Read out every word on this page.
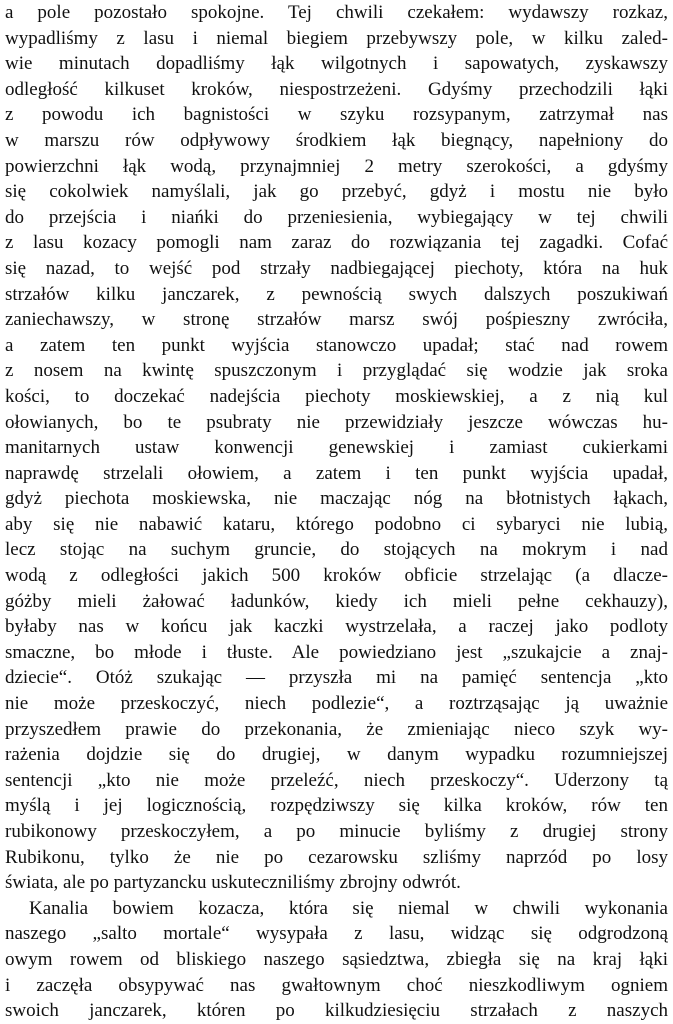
a pole pozostało spokojne. Tej chwili czekałem: wydawszy rozkaz,
wypadliśmy z lasu i niemal biegiem przebywszy pole, w kilku zaled-
wie minutach dopadliśmy łąk wilgotnych i sapowatych, zyskawszy
odległość kilkuset kroków, niespostrzeżeni. Gdyśmy przechodzili łąki
z powodu ich bagnistości w szyku rozsypanym, zatrzymał nas
w marszu rów odpływowy środkiem łąk biegnący, napełniony do
powierzchni łąk wodą, przynajmniej 2 metry szerokości, a gdyśmy
się cokolwiek namyślali, jak go przebyć, gdyż i mostu nie było
do przejścia i niańki do przeniesienia, wybiegający w tej chwili
z lasu kozacy pomogli nam zaraz do rozwiązania tej zagadki. Cofać
się nazad, to wejść pod strzały nadbiegającej piechoty, która na huk
strzałów kilku janczarek, z pewnością swych dalszych poszukiwań
zaniechawszy, w stronę strzałów marsz swój pośpieszny zwróciła,
a zatem ten punkt wyjścia stanowczo upadał; stać nad rowem
z nosem na kwintę spuszczonym i przyglądać się wodzie jak sroka
kości, to doczekać nadejścia piechoty moskiewskiej, a z nią kul
ołowianych, bo te psubraty nie przewidziały jeszcze wówczas hu-
manitarnych ustaw konwencji genewskiej i zamiast cukierkami
naprawdę strzelali ołowiem, a zatem i ten punkt wyjścia upadał,
gdyż piechota moskiewska, nie maczając nóg na błotnistych łąkach,
aby się nie nabawić kataru, którego podobno ci sybaryci nie lubią,
lecz stojąc na suchym gruncie, do stojących na mokrym i nad
wodą z odległości jakich 500 kroków obficie strzelając (a dlacze-
góżby mieli żałować ładunków, kiedy ich mieli pełne cekhauzy),
byłaby nas w końcu jak kaczki wystrzelała, a raczej jako podloty
smaczne, bo młode i tłuste. Ale powiedziano jest „szukajcie a znaj-
dziecie“. Otóż szukając — przyszła mi na pamięć sentencja „kto
nie może przeskoczyć, niech podlezie“, a roztrząsając ją uważnie
przyszedłem prawie do przekonania, że zmieniając nieco szyk wy-
rażenia dojdzie się do drugiej, w danym wypadku rozumniejszej
sentencji „kto nie może przeleźć, niech przeskoczy“. Uderzony tą
myślą i jej logicznością, rozpędziwszy się kilka kroków, rów ten
rubikonowy przeskoczyłem, a po minucie byliśmy z drugiej strony
Rubikonu, tylko że nie po cezarowsku szliśmy naprzód po losy
świata, ale po partyzancku uskuteczniliśmy zbrojny odwrót.
Kanalia bowiem kozacza, która się niemal w chwili wykonania
naszego „salto mortale“ wysypała z lasu, widząc się odgrodzoną
owym rowem od bliskiego naszego sąsiedztwa, zbiegła się na kraj łąki
i zaczęła obsypywać nas gwałtownym choć nieszkodliwym ogniem
swoich janczarek, któren po kilkudziesięciu strzałach z naszych
